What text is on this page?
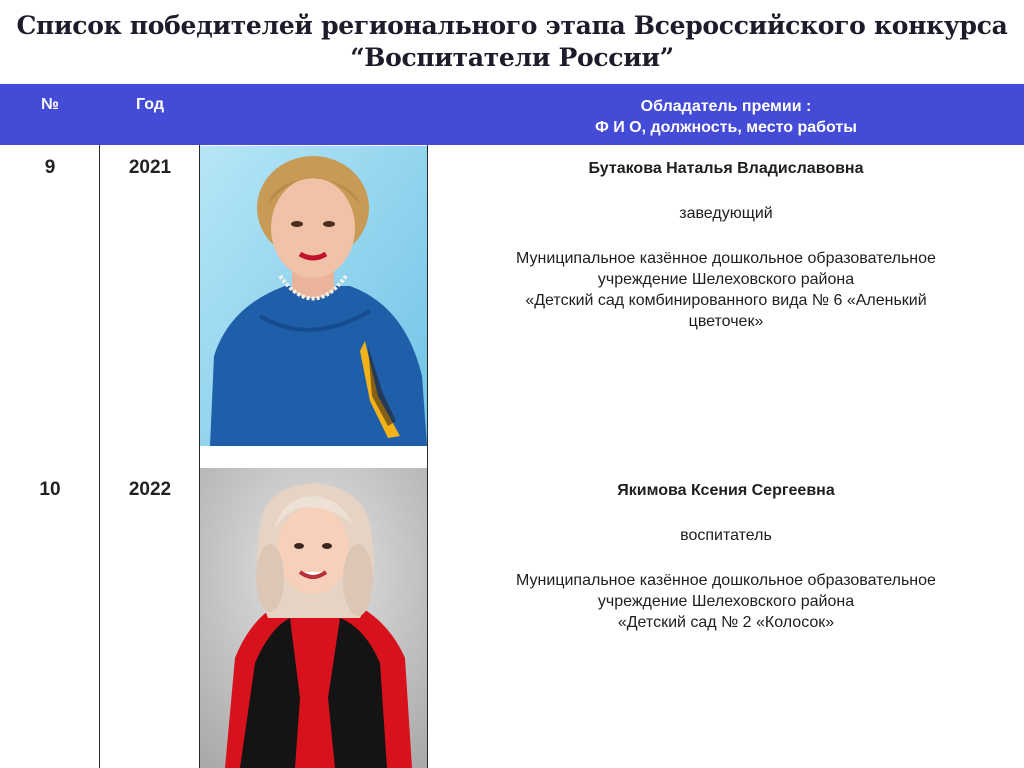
Список победителей регионального этапа Всероссийского конкурса
“Воспитатели России”
№	Год	Обладатель премии :
Ф И О, должность, место работы
9	2021	Бутакова Наталья Владиславовна
заведующий
Муниципальное казённое дошкольное образовательное
учреждение Шелеховского района
«Детский сад комбинированного вида № 6 «Аленький
цветочек»
10	2022	Якимова Ксения Сергеевна
воспитатель
Муниципальное казённое дошкольное образовательное
учреждение Шелеховского района
«Детский сад № 2 «Колосок»
